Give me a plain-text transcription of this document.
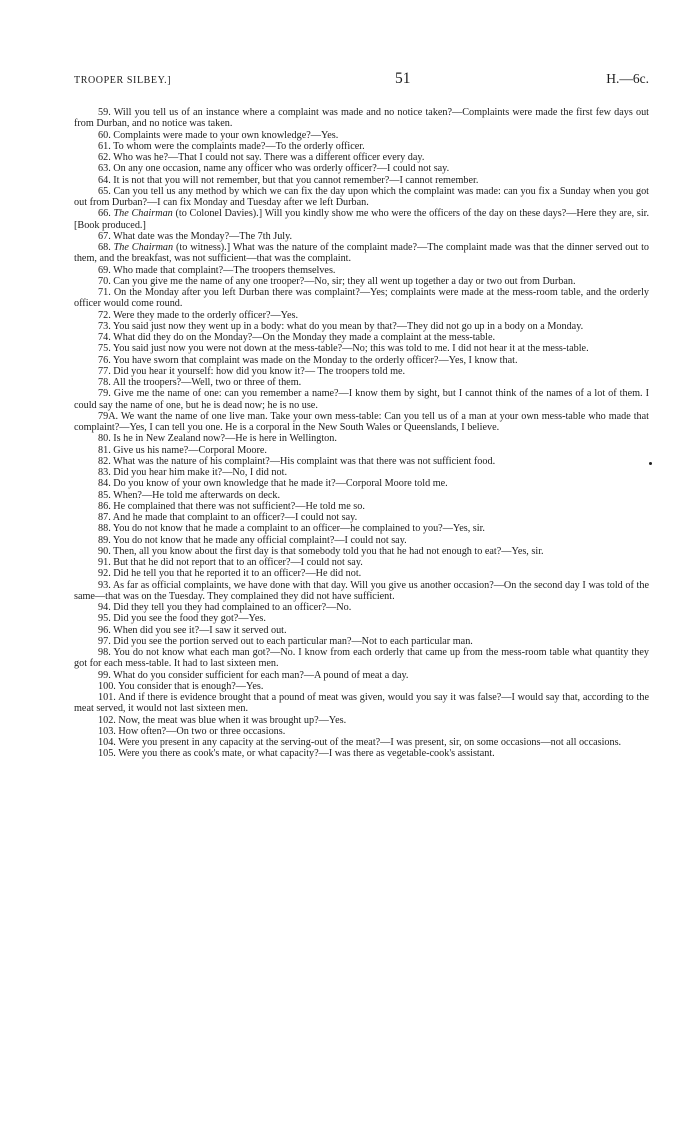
TROOPER SILBEY.]	51	H.—6c.

59. Will you tell us of an instance where a complaint was made and no notice taken?—Complaints were made the first few days out from Durban, and no notice was taken.

60. Complaints were made to your own knowledge?—Yes.

61. To whom were the complaints made?—To the orderly officer.

62. Who was he?—That I could not say. There was a different officer every day.

63. On any one occasion, name any officer who was orderly officer?—I could not say.

64. It is not that you will not remember, but that you cannot remember?—I cannot remember.

65. Can you tell us any method by which we can fix the day upon which the complaint was made: can you fix a Sunday when you got out from Durban?—I can fix Monday and Tuesday after we left Durban.

66. The Chairman (to Colonel Davies).] Will you kindly show me who were the officers of the day on these days?—Here they are, sir. [Book produced.]

67. What date was the Monday?—The 7th July.

68. The Chairman (to witness).] What was the nature of the complaint made?—The complaint made was that the dinner served out to them, and the breakfast, was not sufficient—that was the complaint.

69. Who made that complaint?—The troopers themselves.

70. Can you give me the name of any one trooper?—No, sir; they all went up together a day or two out from Durban.

71. On the Monday after you left Durban there was complaint?—Yes; complaints were made at the mess-room table, and the orderly officer would come round.

72. Were they made to the orderly officer?—Yes.

73. You said just now they went up in a body: what do you mean by that?—They did not go up in a body on a Monday.

74. What did they do on the Monday?—On the Monday they made a complaint at the mess-table.

75. You said just now you were not down at the mess-table?—No; this was told to me. I did not hear it at the mess-table.

76. You have sworn that complaint was made on the Monday to the orderly officer?—Yes, I know that.

77. Did you hear it yourself: how did you know it?— The troopers told me.

78. All the troopers?—Well, two or three of them.

79. Give me the name of one: can you remember a name?—I know them by sight, but I cannot think of the names of a lot of them. I could say the name of one, but he is dead now; he is no use.

79A. We want the name of one live man. Take your own mess-table: Can you tell us of a man at your own mess-table who made that complaint?—Yes, I can tell you one. He is a corporal in the New South Wales or Queenslands, I believe.

80. Is he in New Zealand now?—He is here in Wellington.

81. Give us his name?—Corporal Moore.

82. What was the nature of his complaint?—His complaint was that there was not sufficient food.

83. Did you hear him make it?—No, I did not.

84. Do you know of your own knowledge that he made it?—Corporal Moore told me.

85. When?—He told me afterwards on deck.

86. He complained that there was not sufficient?—He told me so.

87. And he made that complaint to an officer?—I could not say.

88. You do not know that he made a complaint to an officer—he complained to you?—Yes, sir.

89. You do not know that he made any official complaint?—I could not say.

90. Then, all you know about the first day is that somebody told you that he had not enough to eat?—Yes, sir.

91. But that he did not report that to an officer?—I could not say.

92. Did he tell you that he reported it to an officer?—He did not.

93. As far as official complaints, we have done with that day. Will you give us another occasion?—On the second day I was told of the same—that was on the Tuesday. They complained they did not have sufficient.

94. Did they tell you they had complained to an officer?—No.

95. Did you see the food they got?—Yes.

96. When did you see it?—I saw it served out.

97. Did you see the portion served out to each particular man?—Not to each particular man.

98. You do not know what each man got?—No. I know from each orderly that came up from the mess-room table what quantity they got for each mess-table. It had to last sixteen men.

99. What do you consider sufficient for each man?—A pound of meat a day.

100. You consider that is enough?—Yes.

101. And if there is evidence brought that a pound of meat was given, would you say it was false?—I would say that, according to the meat served, it would not last sixteen men.

102. Now, the meat was blue when it was brought up?—Yes.

103. How often?—On two or three occasions.

104. Were you present in any capacity at the serving-out of the meat?—I was present, sir, on some occasions—not all occasions.

105. Were you there as cook's mate, or what capacity?—I was there as vegetable-cook's assistant.
